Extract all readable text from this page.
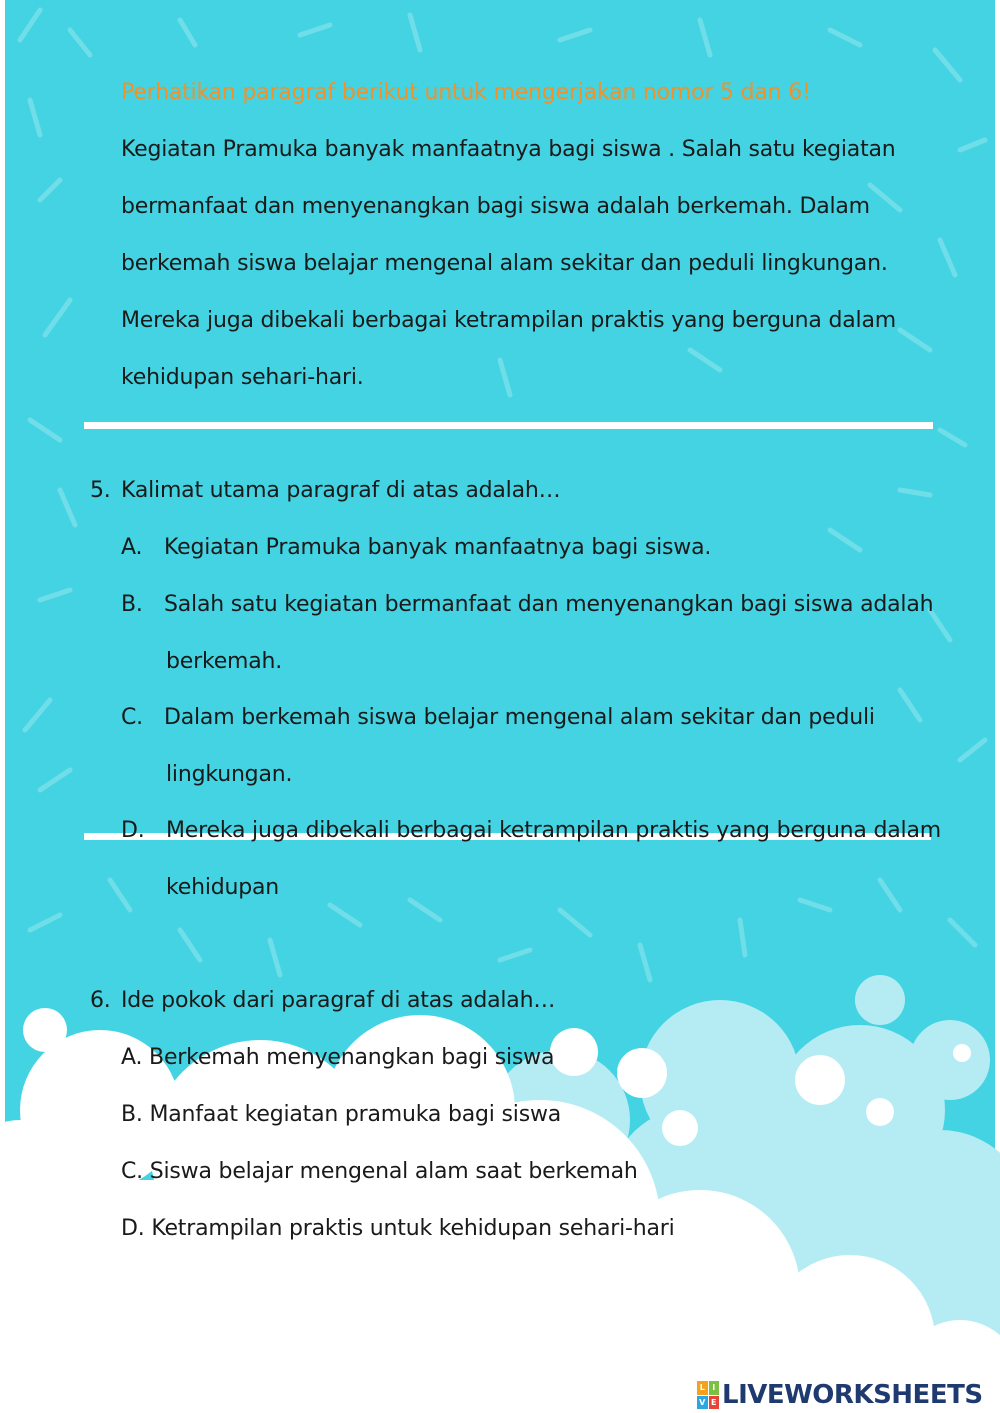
Perhatikan paragraf berikut untuk mengerjakan nomor 5 dan 6!
Kegiatan Pramuka banyak manfaatnya bagi siswa . Salah satu kegiatan
bermanfaat dan menyenangkan bagi siswa adalah berkemah. Dalam
berkemah siswa belajar mengenal alam sekitar dan peduli lingkungan.
Mereka juga dibekali berbagai ketrampilan praktis yang berguna dalam
kehidupan sehari-hari.
5. Kalimat utama paragraf di atas adalah…
A. Kegiatan Pramuka banyak manfaatnya bagi siswa.
B. Salah satu kegiatan bermanfaat dan menyenangkan bagi siswa adalah
berkemah.
C. Dalam berkemah siswa belajar mengenal alam sekitar dan peduli
lingkungan.
D. Mereka juga dibekali berbagai ketrampilan praktis yang berguna dalam
kehidupan
6. Ide pokok dari paragraf di atas adalah…
A. Berkemah menyenangkan bagi siswa
B. Manfaat kegiatan pramuka bagi siswa
C. Siswa belajar mengenal alam saat berkemah
D. Ketrampilan praktis untuk kehidupan sehari-hari
L I
V E LIVEWORKSHEETS
